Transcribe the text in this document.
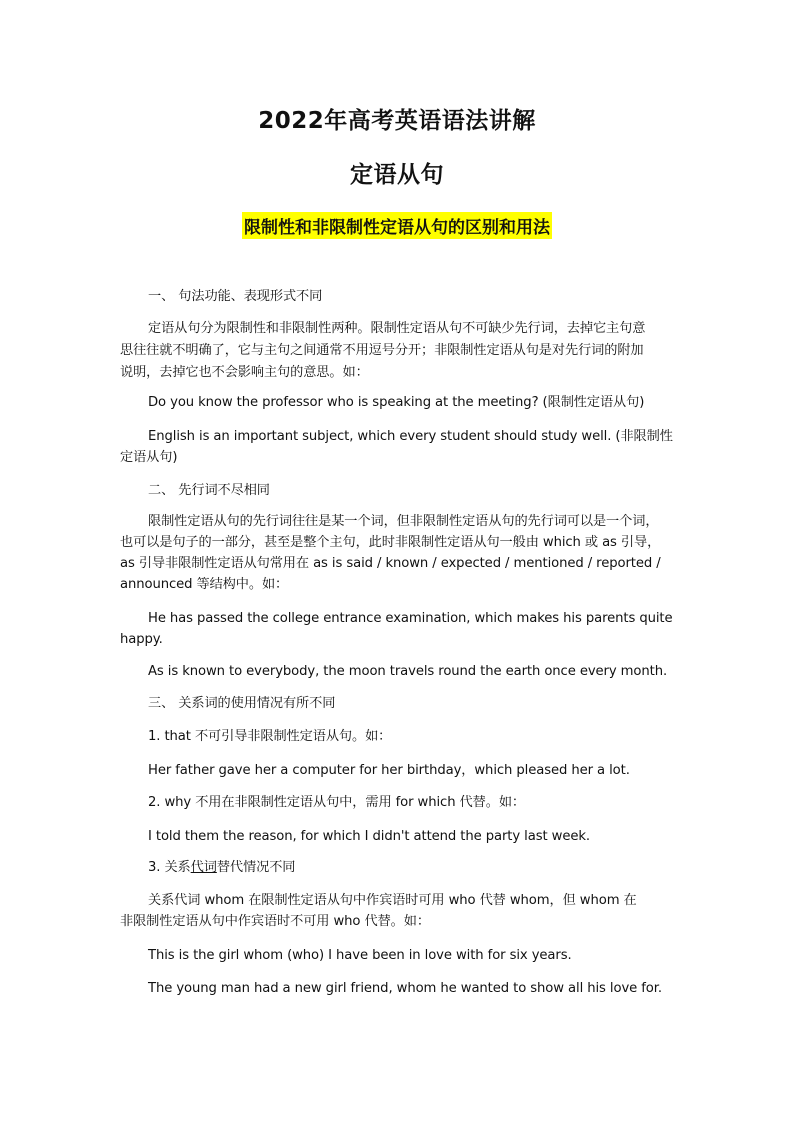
2022年高考英语语法讲解
定语从句
限制性和非限制性定语从句的区别和用法
一、 句法功能、表现形式不同
定语从句分为限制性和非限制性两种。限制性定语从句不可缺少先行词，去掉它主句意
思往往就不明确了，它与主句之间通常不用逗号分开；非限制性定语从句是对先行词的附加
说明，去掉它也不会影响主句的意思。如：
Do you know the professor who is speaking at the meeting? (限制性定语从句)
English is an important subject, which every student should study well. (非限制性
定语从句)
二、 先行词不尽相同
限制性定语从句的先行词往往是某一个词，但非限制性定语从句的先行词可以是一个词，
也可以是句子的一部分，甚至是整个主句，此时非限制性定语从句一般由 which 或 as 引导，
as 引导非限制性定语从句常用在 as is said / known / expected / mentioned / reported /
announced 等结构中。如：
He has passed the college entrance examination, which makes his parents quite
happy.
As is known to everybody, the moon travels round the earth once every month.
三、 关系词的使用情况有所不同
1. that 不可引导非限制性定语从句。如：
Her father gave her a computer for her birthday，which pleased her a lot.
2. why 不用在非限制性定语从句中，需用 for which 代替。如：
I told them the reason, for which I didn't attend the party last week.
3. 关系代词替代情况不同
关系代词 whom 在限制性定语从句中作宾语时可用 who 代替 whom，但 whom 在
非限制性定语从句中作宾语时不可用 who 代替。如：
This is the girl whom (who) I have been in love with for six years.
The young man had a new girl friend, whom he wanted to show all his love for.
